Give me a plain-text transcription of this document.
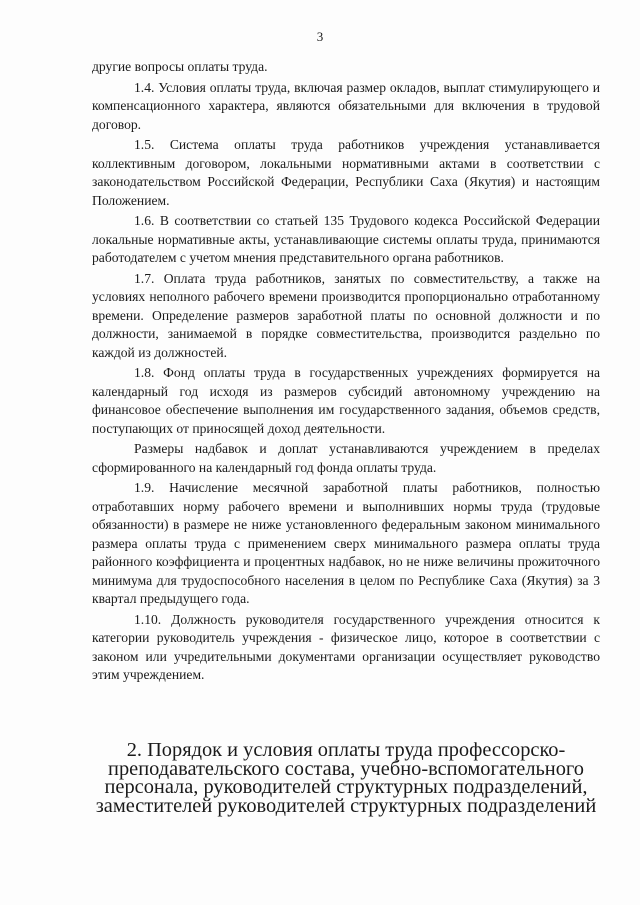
3

другие вопросы оплаты труда.

1.4. Условия оплаты труда, включая размер окладов, выплат стимулирующего и компенсационного характера, являются обязательными для включения в трудовой договор.

1.5. Система оплаты труда работников учреждения устанавливается коллективным договором, локальными нормативными актами в соответствии с законодательством Российской Федерации, Республики Саха (Якутия) и настоящим Положением.

1.6. В соответствии со статьей 135 Трудового кодекса Российской Федерации локальные нормативные акты, устанавливающие системы оплаты труда, принимаются работодателем с учетом мнения представительного органа работников.

1.7. Оплата труда работников, занятых по совместительству, а также на условиях неполного рабочего времени производится пропорционально отработанному времени. Определение размеров заработной платы по основной должности и по должности, занимаемой в порядке совместительства, производится раздельно по каждой из должностей.

1.8. Фонд оплаты труда в государственных учреждениях формируется на календарный год исходя из размеров субсидий автономному учреждению на финансовое обеспечение выполнения им государственного задания, объемов средств, поступающих от приносящей доход деятельности.

Размеры надбавок и доплат устанавливаются учреждением в пределах сформированного на календарный год фонда оплаты труда.

1.9. Начисление месячной заработной платы работников, полностью отработавших норму рабочего времени и выполнивших нормы труда (трудовые обязанности) в размере не ниже установленного федеральным законом минимального размера оплаты труда с применением сверх минимального размера оплаты труда районного коэффициента и процентных надбавок, но не ниже величины прожиточного минимума для трудоспособного населения в целом по Республике Саха (Якутия) за 3 квартал предыдущего года.

1.10. Должность руководителя государственного учреждения относится к категории руководитель учреждения - физическое лицо, которое в соответствии с законом или учредительными документами организации осуществляет руководство этим учреждением.

2. Порядок и условия оплаты труда профессорско-преподавательского состава, учебно-вспомогательного персонала, руководителей структурных подразделений, заместителей руководителей структурных подразделений
